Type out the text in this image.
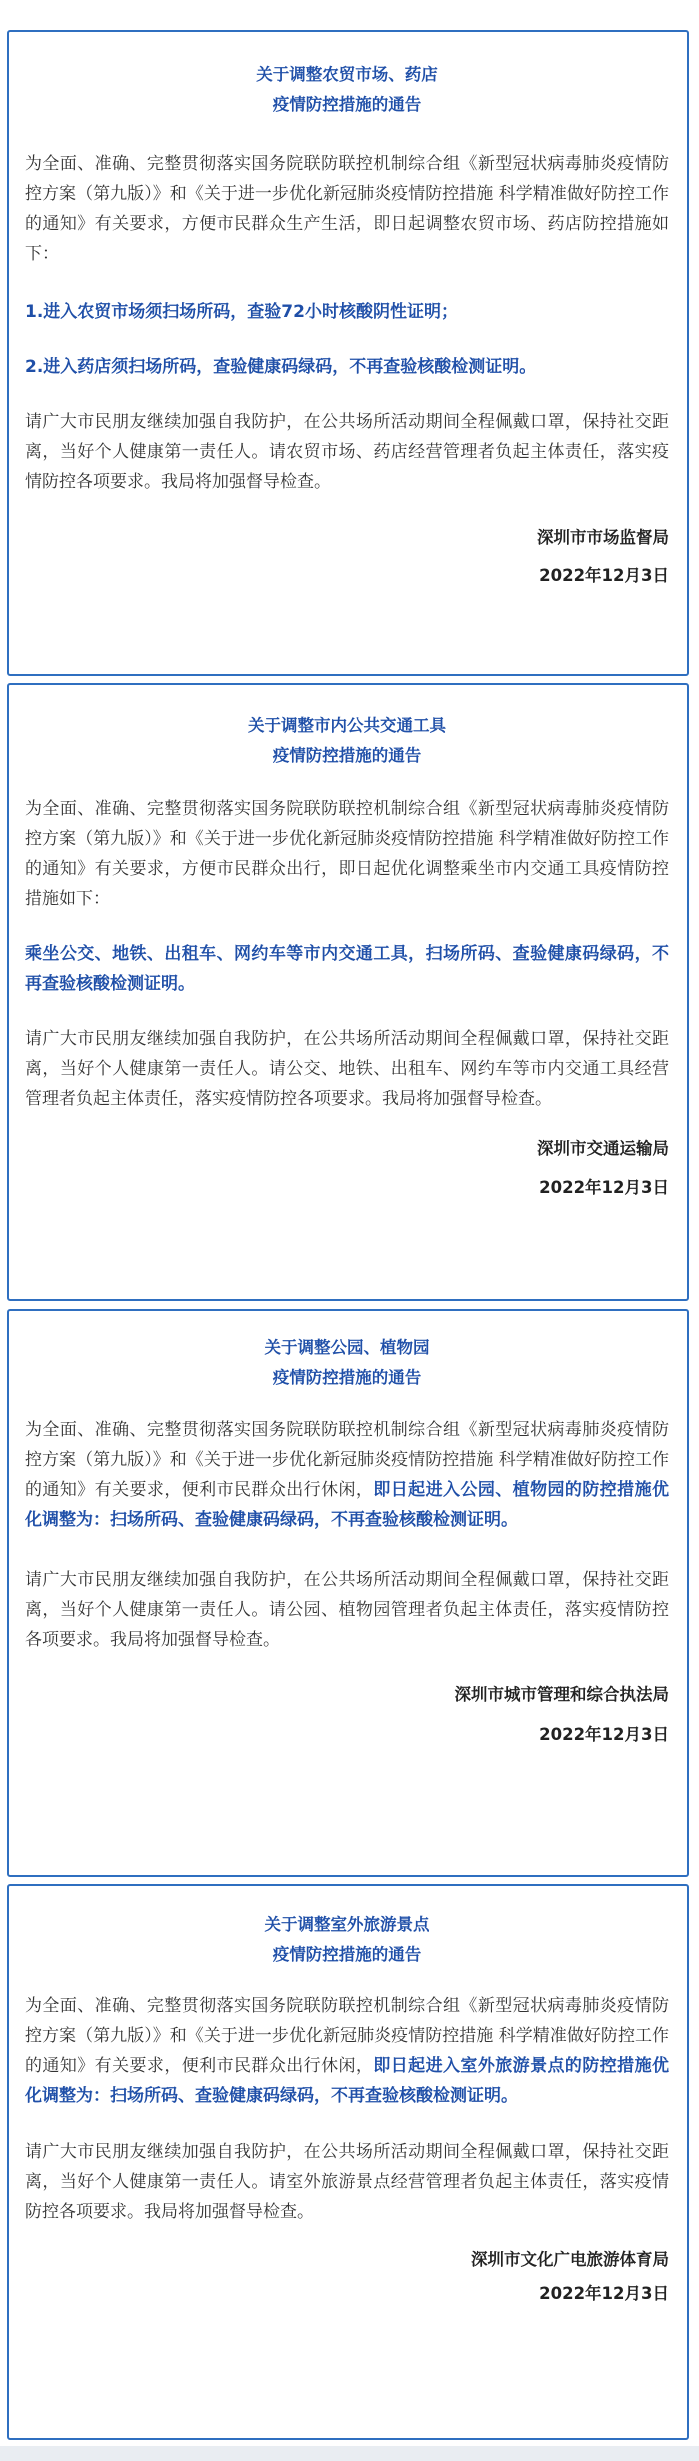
关于调整农贸市场、药店
疫情防控措施的通告

为全面、准确、完整贯彻落实国务院联防联控机制综合组《新型冠状病毒肺炎疫情防控方案（第九版）》和《关于进一步优化新冠肺炎疫情防控措施 科学精准做好防控工作的通知》有关要求，方便市民群众生产生活，即日起调整农贸市场、药店防控措施如下：

1.进入农贸市场须扫场所码，查验72小时核酸阴性证明；

2.进入药店须扫场所码，查验健康码绿码，不再查验核酸检测证明。

请广大市民朋友继续加强自我防护，在公共场所活动期间全程佩戴口罩，保持社交距离，当好个人健康第一责任人。请农贸市场、药店经营管理者负起主体责任，落实疫情防控各项要求。我局将加强督导检查。

深圳市市场监督局

2022年12月3日

关于调整市内公共交通工具
疫情防控措施的通告

为全面、准确、完整贯彻落实国务院联防联控机制综合组《新型冠状病毒肺炎疫情防控方案（第九版）》和《关于进一步优化新冠肺炎疫情防控措施 科学精准做好防控工作的通知》有关要求，方便市民群众出行，即日起优化调整乘坐市内交通工具疫情防控措施如下：

乘坐公交、地铁、出租车、网约车等市内交通工具，扫场所码、查验健康码绿码，不再查验核酸检测证明。

请广大市民朋友继续加强自我防护，在公共场所活动期间全程佩戴口罩，保持社交距离，当好个人健康第一责任人。请公交、地铁、出租车、网约车等市内交通工具经营管理者负起主体责任，落实疫情防控各项要求。我局将加强督导检查。

深圳市交通运输局

2022年12月3日

关于调整公园、植物园
疫情防控措施的通告

为全面、准确、完整贯彻落实国务院联防联控机制综合组《新型冠状病毒肺炎疫情防控方案（第九版）》和《关于进一步优化新冠肺炎疫情防控措施 科学精准做好防控工作的通知》有关要求，便利市民群众出行休闲，即日起进入公园、植物园的防控措施优化调整为：扫场所码、查验健康码绿码，不再查验核酸检测证明。

请广大市民朋友继续加强自我防护，在公共场所活动期间全程佩戴口罩，保持社交距离，当好个人健康第一责任人。请公园、植物园管理者负起主体责任，落实疫情防控各项要求。我局将加强督导检查。

深圳市城市管理和综合执法局

2022年12月3日

关于调整室外旅游景点
疫情防控措施的通告

为全面、准确、完整贯彻落实国务院联防联控机制综合组《新型冠状病毒肺炎疫情防控方案（第九版）》和《关于进一步优化新冠肺炎疫情防控措施 科学精准做好防控工作的通知》有关要求，便利市民群众出行休闲，即日起进入室外旅游景点的防控措施优化调整为：扫场所码、查验健康码绿码，不再查验核酸检测证明。

请广大市民朋友继续加强自我防护，在公共场所活动期间全程佩戴口罩，保持社交距离，当好个人健康第一责任人。请室外旅游景点经营管理者负起主体责任，落实疫情防控各项要求。我局将加强督导检查。

深圳市文化广电旅游体育局

2022年12月3日
